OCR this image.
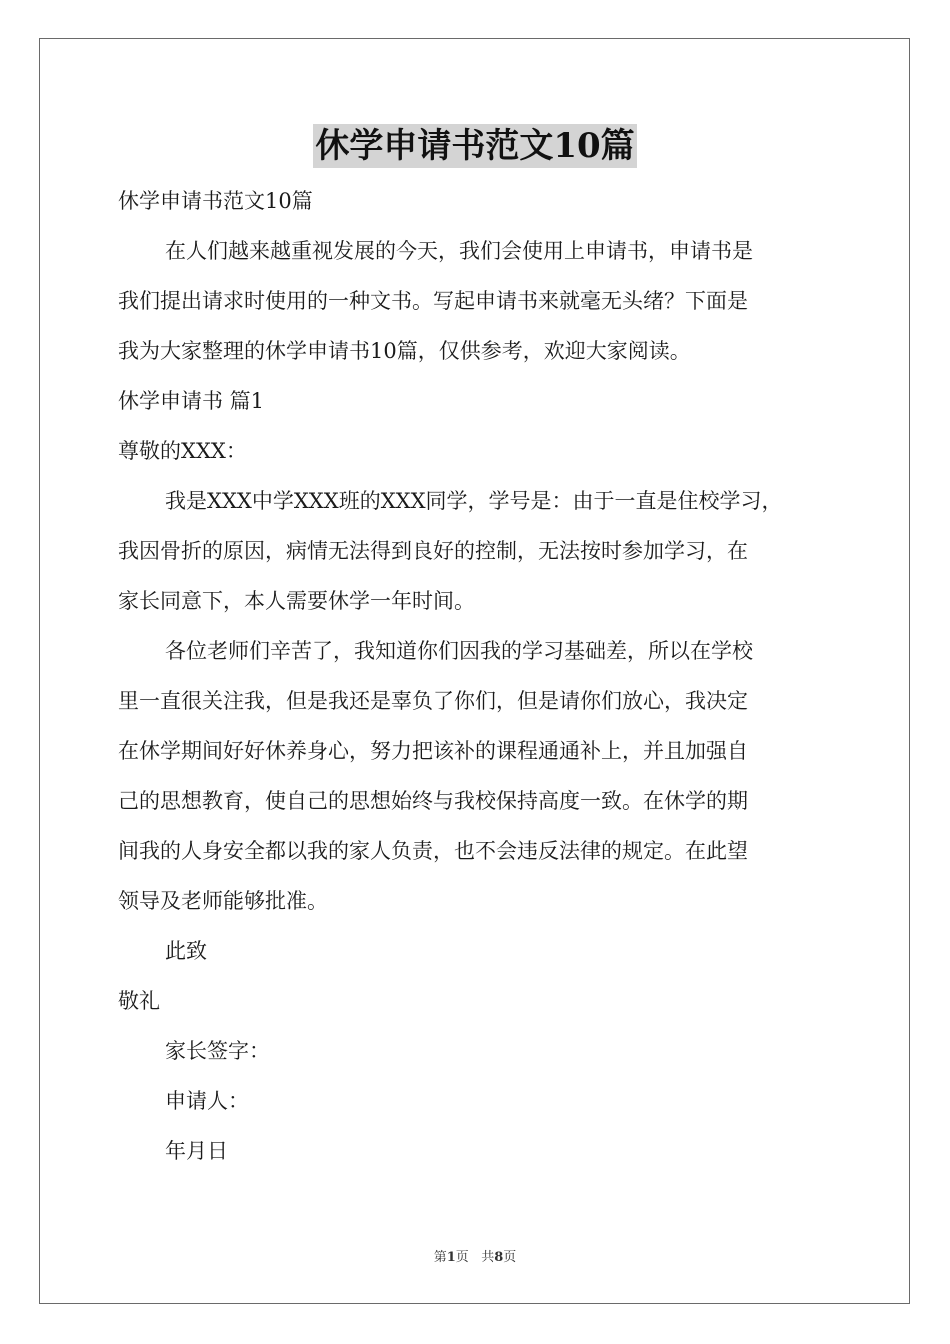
休学申请书范文10篇
休学申请书范文10篇
在人们越来越重视发展的今天，我们会使用上申请书，申请书是
我们提出请求时使用的一种文书。写起申请书来就毫无头绪？下面是
我为大家整理的休学申请书10篇，仅供参考，欢迎大家阅读。
休学申请书 篇1
尊敬的XXX：
我是XXX中学XXX班的XXX同学，学号是：由于一直是住校学习，
我因骨折的原因，病情无法得到良好的控制，无法按时参加学习，在
家长同意下，本人需要休学一年时间。
各位老师们辛苦了，我知道你们因我的学习基础差，所以在学校
里一直很关注我，但是我还是辜负了你们，但是请你们放心，我决定
在休学期间好好休养身心，努力把该补的课程通通补上，并且加强自
己的思想教育，使自己的思想始终与我校保持高度一致。在休学的期
间我的人身安全都以我的家人负责，也不会违反法律的规定。在此望
领导及老师能够批准。
此致
敬礼
家长签字：
申请人：
年月日
第1页 共8页
